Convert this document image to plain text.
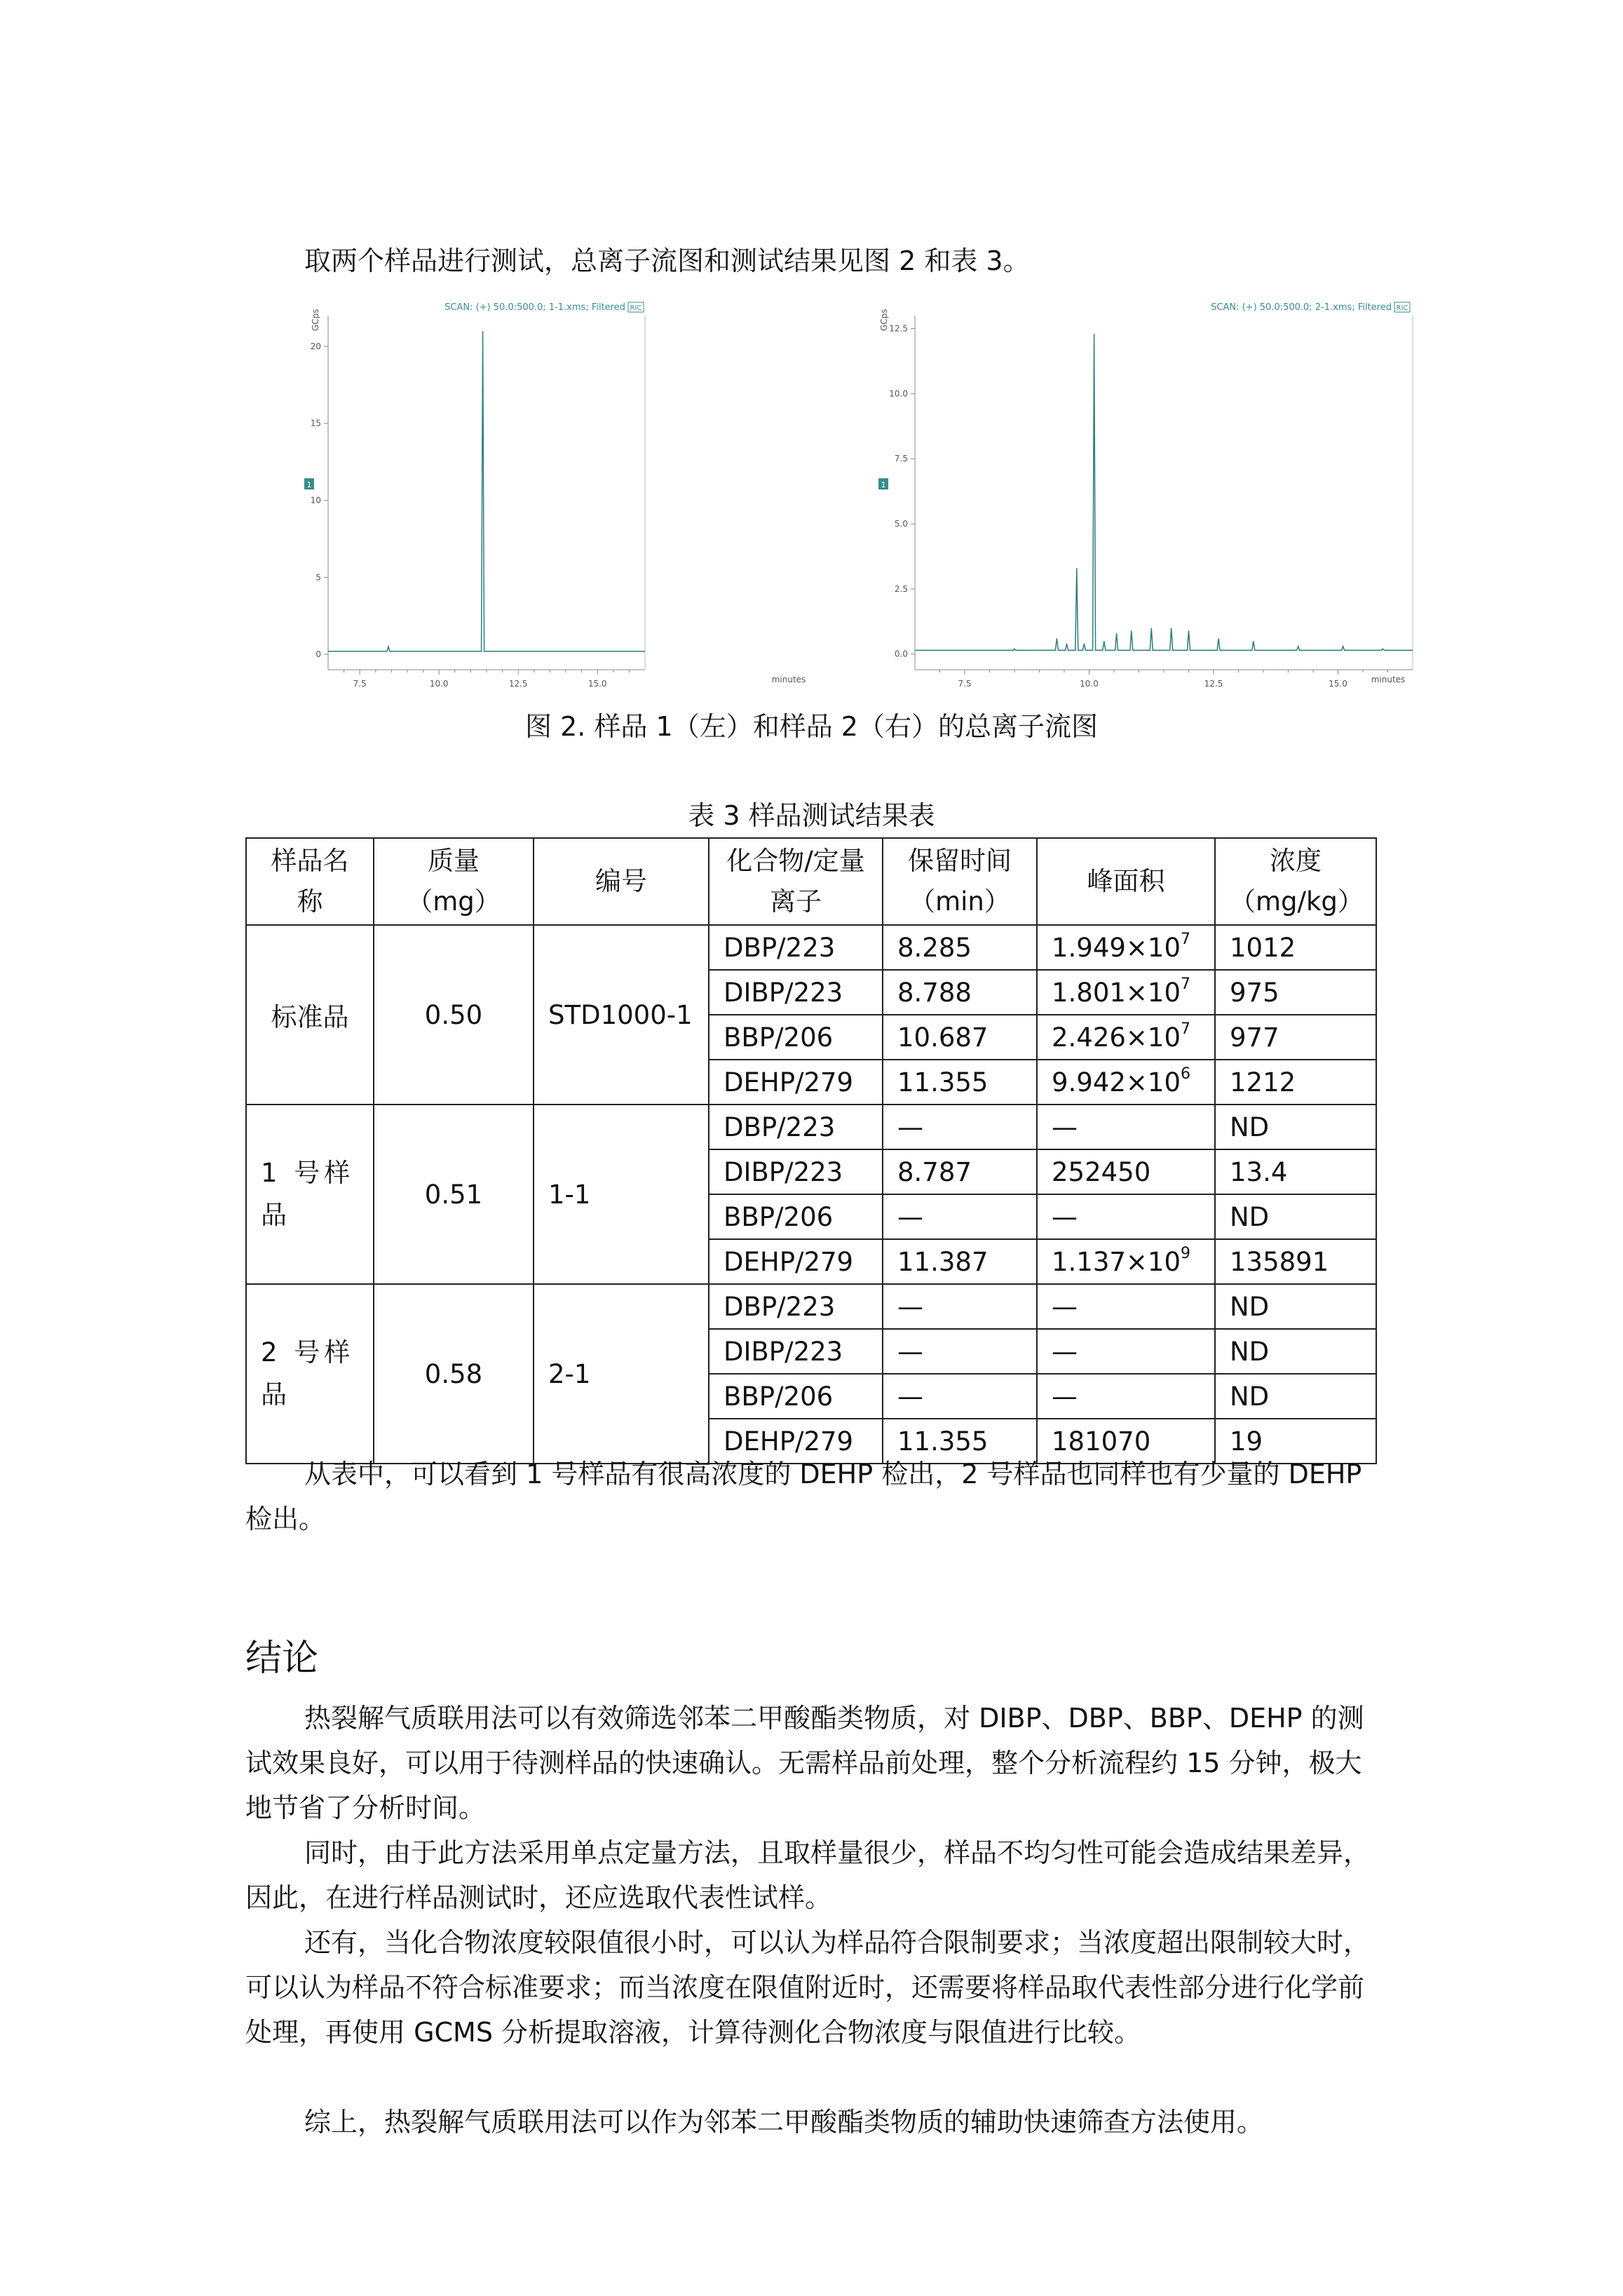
取两个样品进行测试，总离子流图和测试结果见图 2 和表 3。

GCps
SCAN: (+) 50.0:500.0; 1-1.xms; Filtered RIC
1
minutes
7.5	10.0	12.5	15.0
0
5
10
15
20
GCps
SCAN: (+) 50.0:500.0; 2-1.xms; Filtered RIC
1
minutes
7.5	10.0	12.5	15.0
0.0
2.5
5.0
7.5
10.0
12.5
图 2. 样品 1（左）和样品 2（右）的总离子流图
表 3 样品测试结果表
样品名称	质量（mg）	编号	化合物/定量离子	保留时间（min）	峰面积	浓度（mg/kg）
标准品	0.50	STD1000-1	DBP/223	8.285	$1.949\times 10^7$	1012
			DIBP/223	8.788	$1.801\times 10^7$	975
			BBP/206	10.687	$2.426\times 10^7$	977
			DEHP/279	11.355	$9.942\times 10^6$	1212
1 号样品	0.51	1-1	DBP/223	—	—	ND
			DIBP/223	8.787	252450	13.4
			BBP/206	—	—	ND
			DEHP/279	11.387	$1.137\times 10^9$	135891
2 号样品	0.58	2-1	DBP/223	—	—	ND
			DIBP/223	—	—	ND
			BBP/206	—	—	ND
			DEHP/279	11.355	181070	19

从表中，可以看到 1 号样品有很高浓度的 DEHP 检出，2 号样品也同样也有少量的 DEHP 检出。

结论

热裂解气质联用法可以有效筛选邻苯二甲酸酯类物质，对 DIBP、DBP、BBP、DEHP 的测试效果良好，可以用于待测样品的快速确认。无需样品前处理，整个分析流程约 15 分钟，极大地节省了分析时间。

同时，由于此方法采用单点定量方法，且取样量很少，样品不均匀性可能会造成结果差异，因此，在进行样品测试时，还应选取代表性试样。

还有，当化合物浓度较限值很小时，可以认为样品符合限制要求；当浓度超出限制较大时，可以认为样品不符合标准要求；而当浓度在限值附近时，还需要将样品取代表性部分进行化学前处理，再使用 GCMS 分析提取溶液，计算待测化合物浓度与限值进行比较。

综上，热裂解气质联用法可以作为邻苯二甲酸酯类物质的辅助快速筛查方法使用。
